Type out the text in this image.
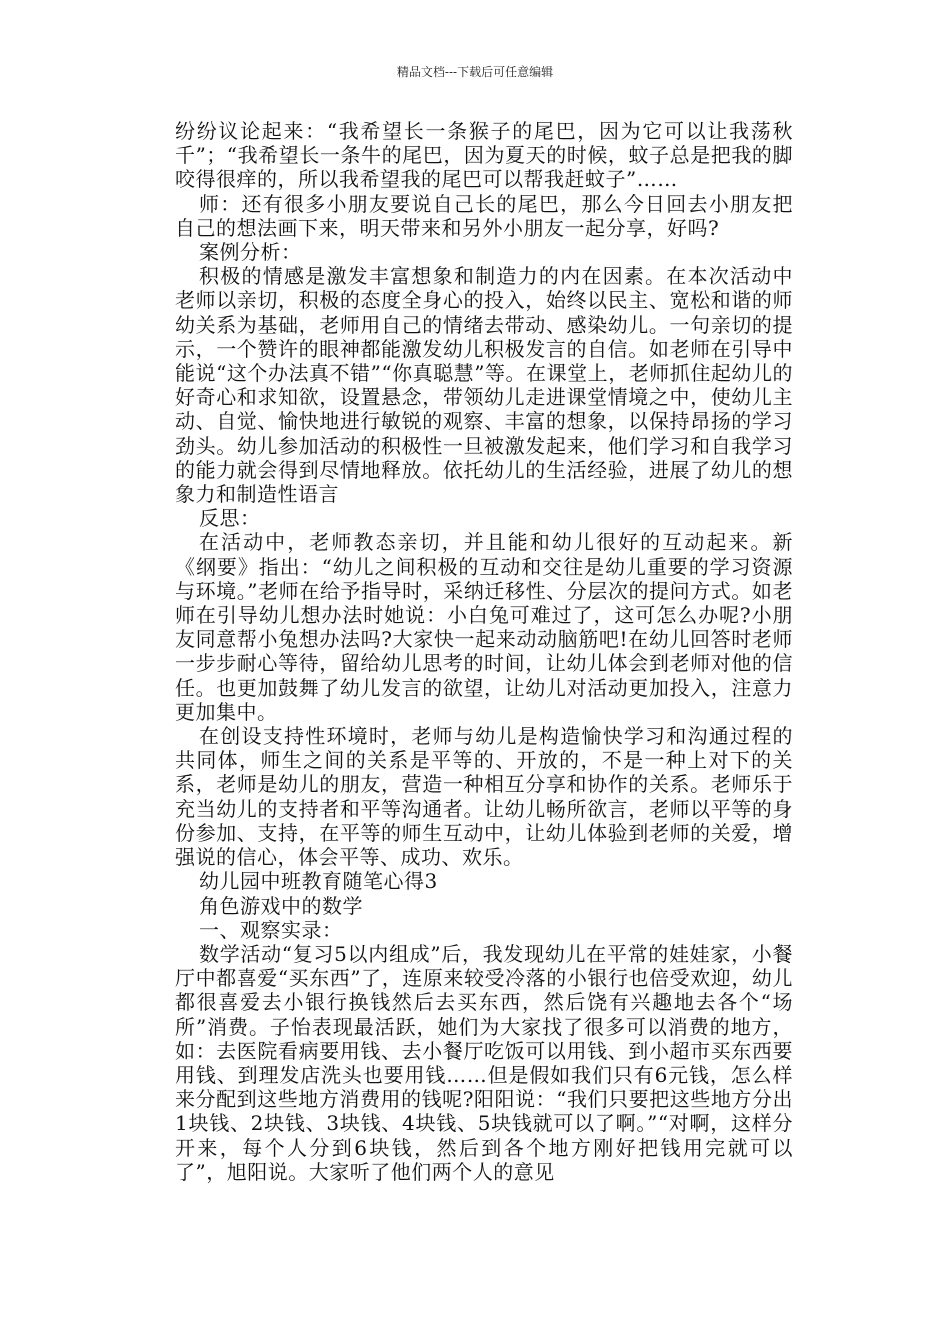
精品文档---下载后可任意编辑

纷纷议论起来：“我希望长一条猴子的尾巴，因为它可以让我荡秋千”；“我希望长一条牛的尾巴，因为夏天的时候，蚊子总是把我的脚咬得很痒的，所以我希望我的尾巴可以帮我赶蚊子”……

师：还有很多小朋友要说自己长的尾巴，那么今日回去小朋友把自己的想法画下来，明天带来和另外小朋友一起分享，好吗?

案例分析：

积极的情感是激发丰富想象和制造力的内在因素。在本次活动中老师以亲切，积极的态度全身心的投入，始终以民主、宽松和谐的师幼关系为基础，老师用自己的情绪去带动、感染幼儿。一句亲切的提示，一个赞许的眼神都能激发幼儿积极发言的自信。如老师在引导中能说“这个办法真不错”“你真聪慧”等。在课堂上，老师抓住起幼儿的好奇心和求知欲，设置悬念，带领幼儿走进课堂情境之中，使幼儿主动、自觉、愉快地进行敏锐的观察、丰富的想象，以保持昂扬的学习劲头。幼儿参加活动的积极性一旦被激发起来，他们学习和自我学习的能力就会得到尽情地释放。依托幼儿的生活经验，进展了幼儿的想象力和制造性语言

反思：

在活动中，老师教态亲切，并且能和幼儿很好的互动起来。新《纲要》指出：“幼儿之间积极的互动和交往是幼儿重要的学习资源与环境。”老师在给予指导时，采纳迁移性、分层次的提问方式。如老师在引导幼儿想办法时她说：小白兔可难过了，这可怎么办呢?小朋友同意帮小兔想办法吗?大家快一起来动动脑筋吧!在幼儿回答时老师一步步耐心等待，留给幼儿思考的时间，让幼儿体会到老师对他的信任。也更加鼓舞了幼儿发言的欲望，让幼儿对活动更加投入，注意力更加集中。

在创设支持性环境时，老师与幼儿是构造愉快学习和沟通过程的共同体，师生之间的关系是平等的、开放的，不是一种上对下的关系，老师是幼儿的朋友，营造一种相互分享和协作的关系。老师乐于充当幼儿的支持者和平等沟通者。让幼儿畅所欲言，老师以平等的身份参加、支持，在平等的师生互动中，让幼儿体验到老师的关爱，增强说的信心，体会平等、成功、欢乐。

幼儿园中班教育随笔心得3

角色游戏中的数学

一、观察实录：

数学活动“复习5以内组成”后，我发现幼儿在平常的娃娃家，小餐厅中都喜爱“买东西”了，连原来较受冷落的小银行也倍受欢迎，幼儿都很喜爱去小银行换钱然后去买东西，然后饶有兴趣地去各个“场所”消费。子怡表现最活跃，她们为大家找了很多可以消费的地方，如：去医院看病要用钱、去小餐厅吃饭可以用钱、到小超市买东西要用钱、到理发店洗头也要用钱……但是假如我们只有6元钱，怎么样来分配到这些地方消费用的钱呢?阳阳说：“我们只要把这些地方分出1块钱、2块钱、3块钱、4块钱、5块钱就可以了啊。”“对啊，这样分开来，每个人分到6块钱，然后到各个地方刚好把钱用完就可以了”，旭阳说。大家听了他们两个人的意见
